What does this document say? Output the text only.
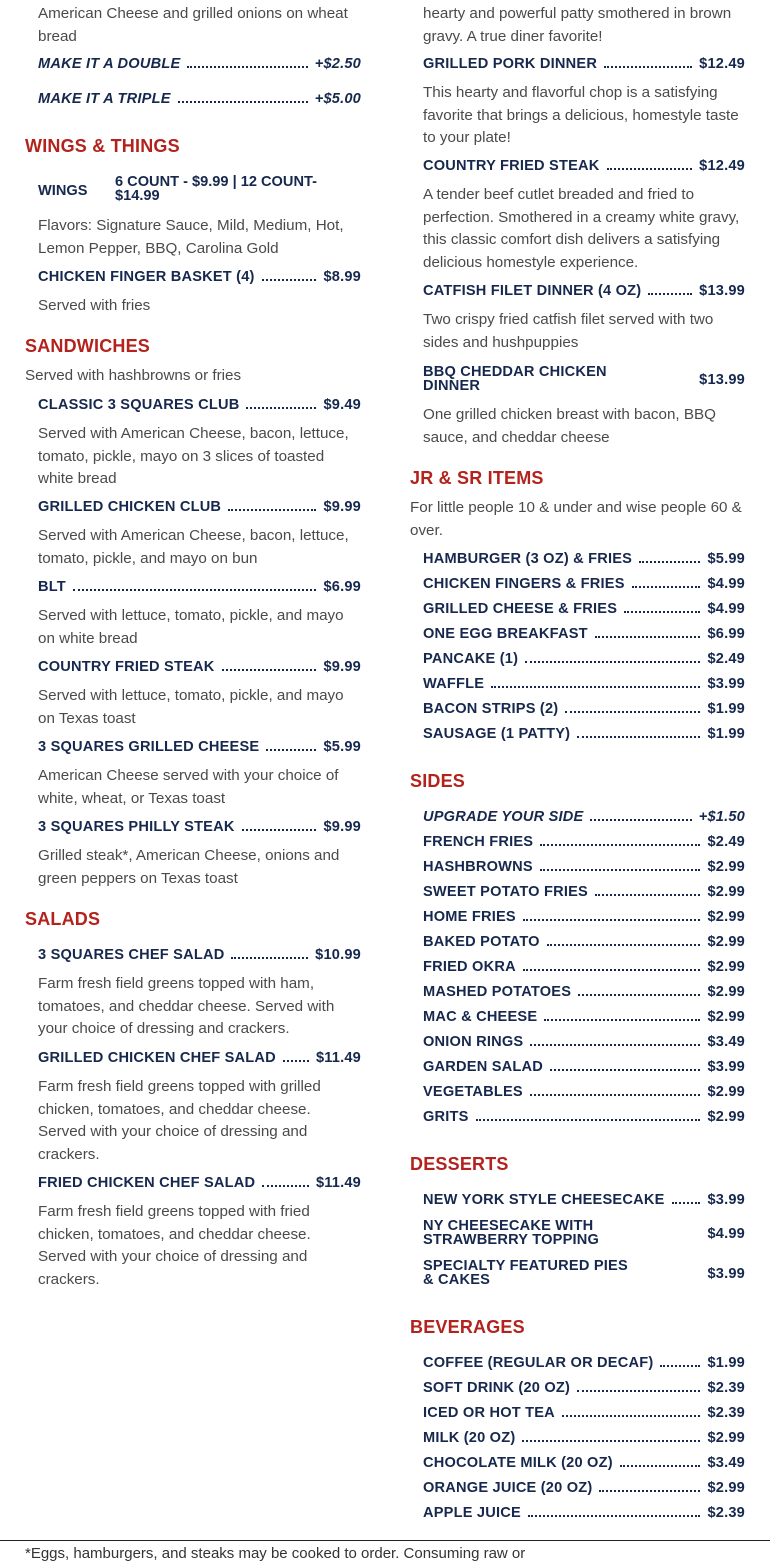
American Cheese and grilled onions on wheat bread
MAKE IT A DOUBLE	+$2.50
MAKE IT A TRIPLE	+$5.00
WINGS & THINGS
WINGS
6 COUNT - $9.99 | 12 COUNT- $14.99
Flavors: Signature Sauce, Mild, Medium, Hot, Lemon Pepper, BBQ, Carolina Gold
CHICKEN FINGER BASKET (4)	$8.99
Served with fries
SANDWICHES
Served with hashbrowns or fries
CLASSIC 3 SQUARES CLUB	$9.49
Served with American Cheese, bacon, lettuce, tomato, pickle, mayo on 3 slices of toasted white bread
GRILLED CHICKEN CLUB	$9.99
Served with American Cheese, bacon, lettuce, tomato, pickle, and mayo on bun
BLT	$6.99
Served with lettuce, tomato, pickle, and mayo on white bread
COUNTRY FRIED STEAK	$9.99
Served with lettuce, tomato, pickle, and mayo on Texas toast
3 SQUARES GRILLED CHEESE	$5.99
American Cheese served with your choice of white, wheat, or Texas toast
3 SQUARES PHILLY STEAK	$9.99
Grilled steak*, American Cheese, onions and green peppers on Texas toast
SALADS
3 SQUARES CHEF SALAD	$10.99
Farm fresh field greens topped with ham, tomatoes, and cheddar cheese. Served with your choice of dressing and crackers.
GRILLED CHICKEN CHEF SALAD	$11.49
Farm fresh field greens topped with grilled chicken, tomatoes, and cheddar cheese. Served with your choice of dressing and crackers.
FRIED CHICKEN CHEF SALAD	$11.49
Farm fresh field greens topped with fried chicken, tomatoes, and cheddar cheese. Served with your choice of dressing and crackers.
hearty and powerful patty smothered in brown gravy. A true diner favorite!
GRILLED PORK DINNER	$12.49
This hearty and flavorful chop is a satisfying favorite that brings a delicious, homestyle taste to your plate!
COUNTRY FRIED STEAK	$12.49
A tender beef cutlet breaded and fried to perfection. Smothered in a creamy white gravy, this classic comfort dish delivers a satisfying delicious homestyle experience.
CATFISH FILET DINNER (4 OZ)	$13.99
Two crispy fried catfish filet served with two sides and hushpuppies
BBQ CHEDDAR CHICKEN DINNER	$13.99
One grilled chicken breast with bacon, BBQ sauce, and cheddar cheese
JR & SR ITEMS
For little people 10 & under and wise people 60 & over.
HAMBURGER (3 OZ) & FRIES	$5.99
CHICKEN FINGERS & FRIES	$4.99
GRILLED CHEESE & FRIES	$4.99
ONE EGG BREAKFAST	$6.99
PANCAKE (1)	$2.49
WAFFLE	$3.99
BACON STRIPS (2)	$1.99
SAUSAGE (1 PATTY)	$1.99
SIDES
UPGRADE YOUR SIDE	+$1.50
FRENCH FRIES	$2.49
HASHBROWNS	$2.99
SWEET POTATO FRIES	$2.99
HOME FRIES	$2.99
BAKED POTATO	$2.99
FRIED OKRA	$2.99
MASHED POTATOES	$2.99
MAC & CHEESE	$2.99
ONION RINGS	$3.49
GARDEN SALAD	$3.99
VEGETABLES	$2.99
GRITS	$2.99
DESSERTS
NEW YORK STYLE CHEESECAKE	$3.99
NY CHEESECAKE WITH STRAWBERRY TOPPING	$4.99
SPECIALTY FEATURED PIES & CAKES	$3.99
BEVERAGES
COFFEE (REGULAR OR DECAF)	$1.99
SOFT DRINK (20 OZ)	$2.39
ICED OR HOT TEA	$2.39
MILK (20 OZ)	$2.99
CHOCOLATE MILK (20 OZ)	$3.49
ORANGE JUICE (20 OZ)	$2.99
APPLE JUICE	$2.39
*Eggs, hamburgers, and steaks may be cooked to order. Consuming raw or
